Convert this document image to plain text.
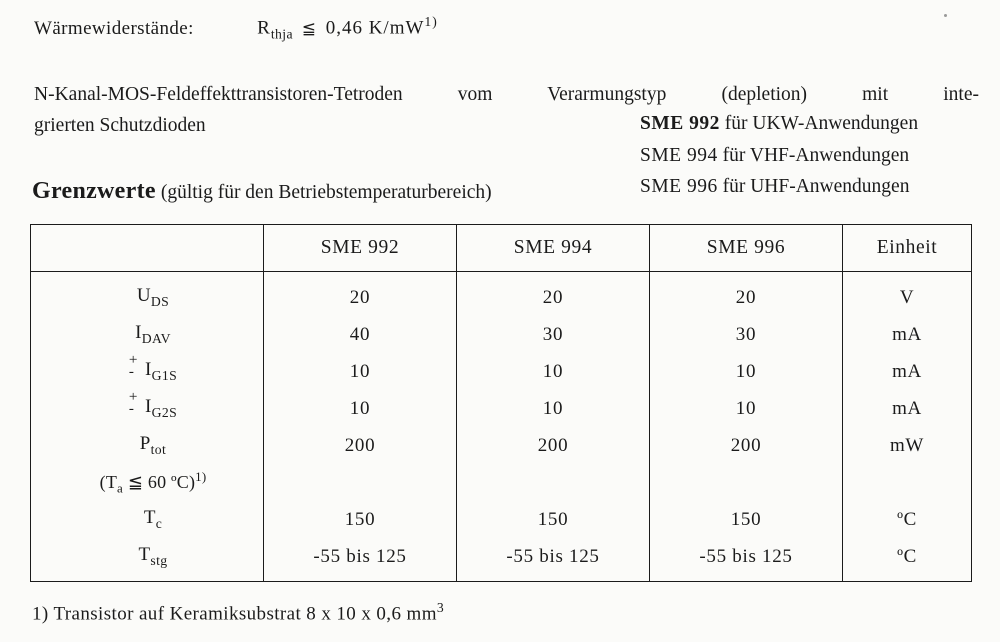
Wärmewiderstände:	$R_{thja}$ ≦ 0,46 $K/mW^{1)}$
N-Kanal-MOS-Feldeffekttransistoren-Tetroden vom Verarmungstyp (depletion) mit inte-
grierten Schutzdioden	SME 992 für UKW-Anwendungen
SME 994 für VHF-Anwendungen
SME 996 für UHF-Anwendungen
Grenzwerte (gültig für den Betriebstemperaturbereich)
	SME 992	SME 994	SME 996	Einheit
$U_{DS}$	20	20	20	V
$I_{DAV}$	40	30	30	mA

+
- $I_{G1S}$	10	10	10	mA

+
- $I_{G2S}$	10	10	10	mA
$P_{tot}$	200	200	200	mW
($T_a$ ≦ 60 ºC)$^{1)}$				
$T_c$	150	150	150	ºC
$T_{stg}$	-55 bis 125	-55 bis 125	-55 bis 125	ºC
1) Transistor auf Keramiksubstrat 8 x 10 x 0,6 $mm^3$
